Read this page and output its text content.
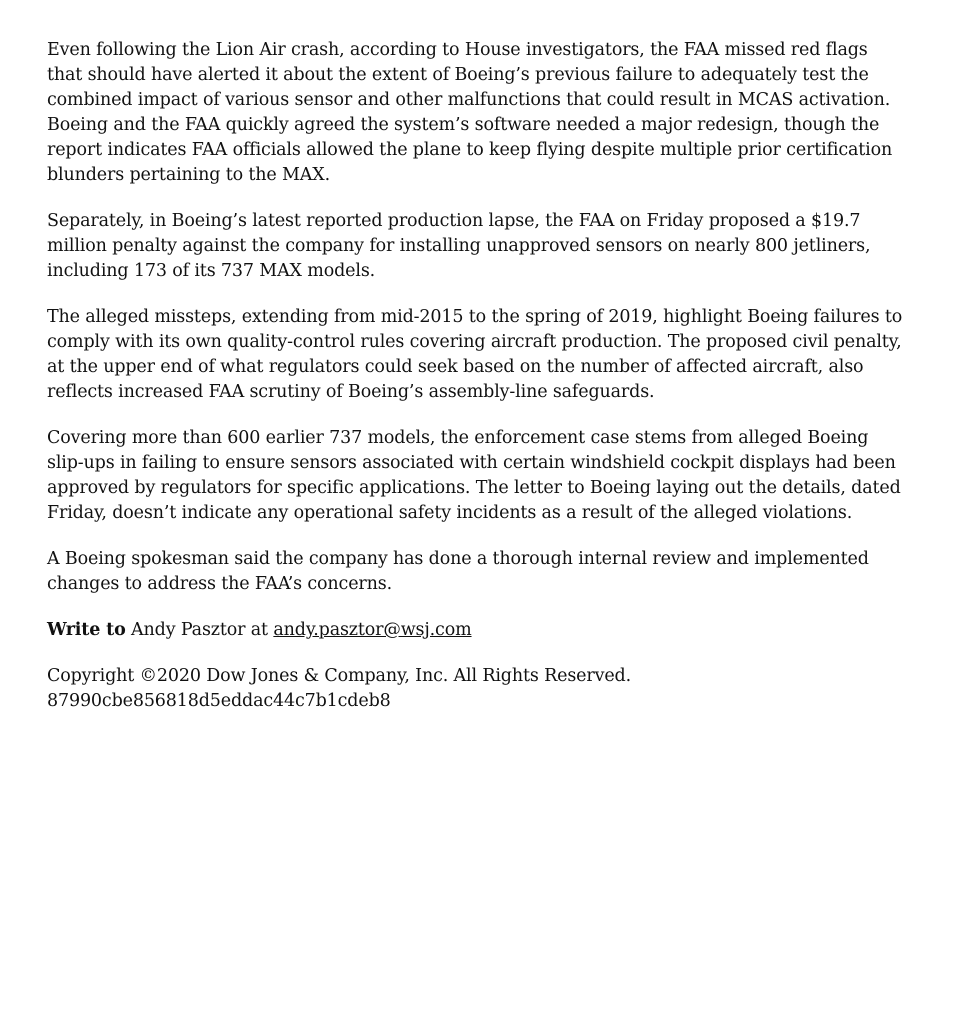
Even following the Lion Air crash, according to House investigators, the FAA missed red flags that should have alerted it about the extent of Boeing’s previous failure to adequately test the combined impact of various sensor and other malfunctions that could result in MCAS activation. Boeing and the FAA quickly agreed the system’s software needed a major redesign, though the report indicates FAA officials allowed the plane to keep flying despite multiple prior certification blunders pertaining to the MAX.

Separately, in Boeing’s latest reported production lapse, the FAA on Friday proposed a $19.7 million penalty against the company for installing unapproved sensors on nearly 800 jetliners, including 173 of its 737 MAX models.

The alleged missteps, extending from mid-2015 to the spring of 2019, highlight Boeing failures to comply with its own quality-control rules covering aircraft production. The proposed civil penalty, at the upper end of what regulators could seek based on the number of affected aircraft, also reflects increased FAA scrutiny of Boeing’s assembly-line safeguards.

Covering more than 600 earlier 737 models, the enforcement case stems from alleged Boeing slip-ups in failing to ensure sensors associated with certain windshield cockpit displays had been approved by regulators for specific applications. The letter to Boeing laying out the details, dated Friday, doesn’t indicate any operational safety incidents as a result of the alleged violations.

A Boeing spokesman said the company has done a thorough internal review and implemented changes to address the FAA’s concerns.

Write to Andy Pasztor at andy.pasztor@wsj.com

Copyright ©2020 Dow Jones & Company, Inc. All Rights Reserved.
87990cbe856818d5eddac44c7b1cdeb8
